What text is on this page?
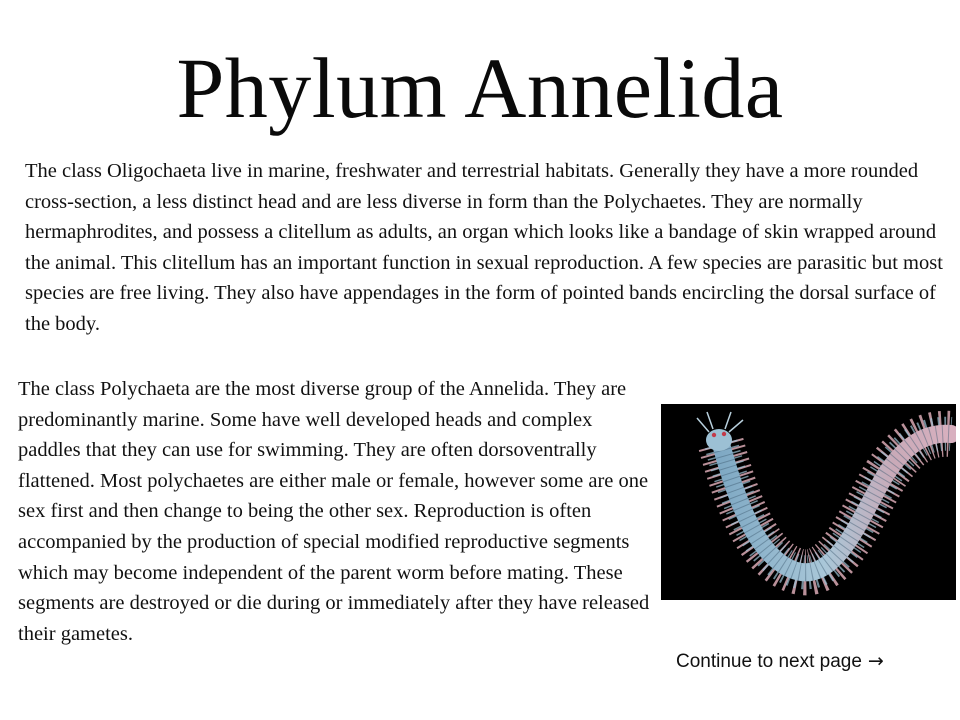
Phylum Annelida

The class Oligochaeta live in marine, freshwater and terrestrial habitats. Generally they have a more rounded cross-section, a less distinct head and are less diverse in form than the Polychaetes. They are normally hermaphrodites, and possess a clitellum as adults, an organ which looks like a bandage of skin wrapped around the animal. This clitellum has an important function in sexual reproduction. A few species are parasitic but most species are free living. They also have appendages in the form of pointed bands encircling the dorsal surface of the body.

The class Polychaeta are the most diverse group of the Annelida. They are predominantly marine. Some have well developed heads and complex paddles that they can use for swimming. They are often dorsoventrally flattened. Most polychaetes are either male or female, however some are one sex first and then change to being the other sex. Reproduction is often accompanied by the production of special modified reproductive segments which may become independent of the parent worm before mating. These segments are destroyed or die during or immediately after they have released their gametes.

Continue to next page →
